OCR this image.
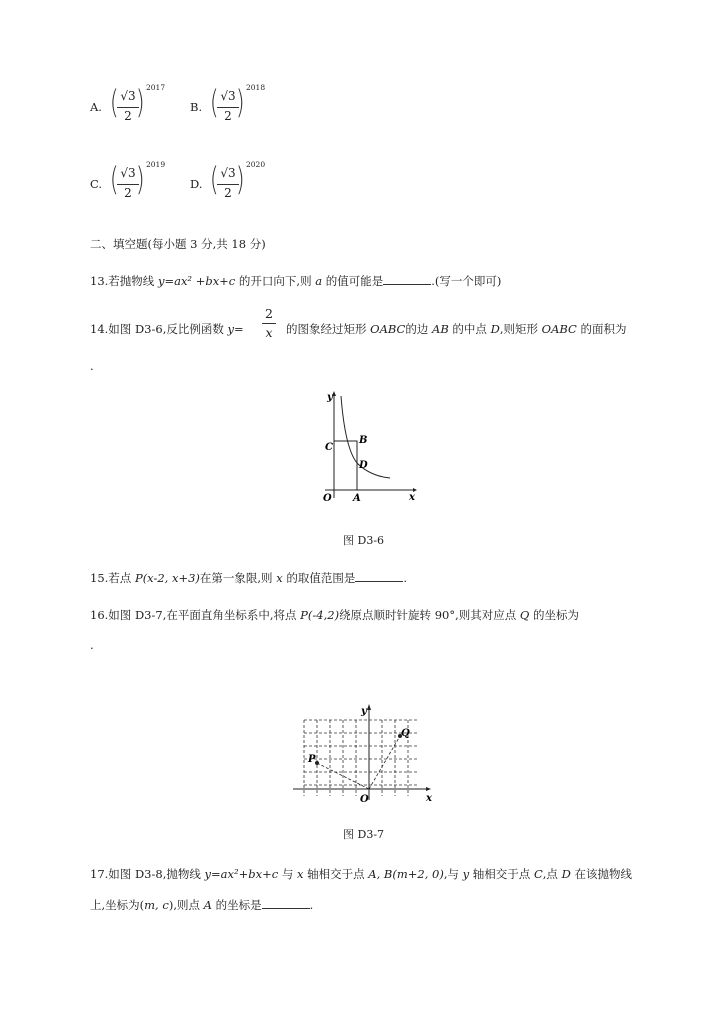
A. (
$\frac{√3}{2}$
) 2017
B. (
$\frac{√3}{2}$
) 2018
C. (
$\frac{√3}{2}$
) 2019
D. (
$\frac{√3}{2}$
) 2020
二、填空题(每小题 3 分,共 18 分)
13.若抛物线 y=ax² +bx+c 的开口向下,则 a 的值可能是	.(写一个即可)
14.如图 D3-6,反比例函数 y=
2
x	的图象经过矩形 OABC的边 AB 的中点 D,则矩形 OABC 的面积为
.
y
x
O A
B
C
D
图 D3-6
15.若点 P(x-2, x+3)在第一象限,则 x 的取值范围是	.
16.如图 D3-7,在平面直角坐标系中,将点 P(-4,2)绕原点顺时针旋转 90°,则其对应点 Q 的坐标为
.
y
x
O
P
Q
图 D3-7
17.如图 D3-8,抛物线 y=ax²+bx+c 与 x 轴相交于点 A, B(m+2, 0),与 y 轴相交于点 C,点 D 在该抛物线
上,坐标为(m, c),则点 A 的坐标是	.
